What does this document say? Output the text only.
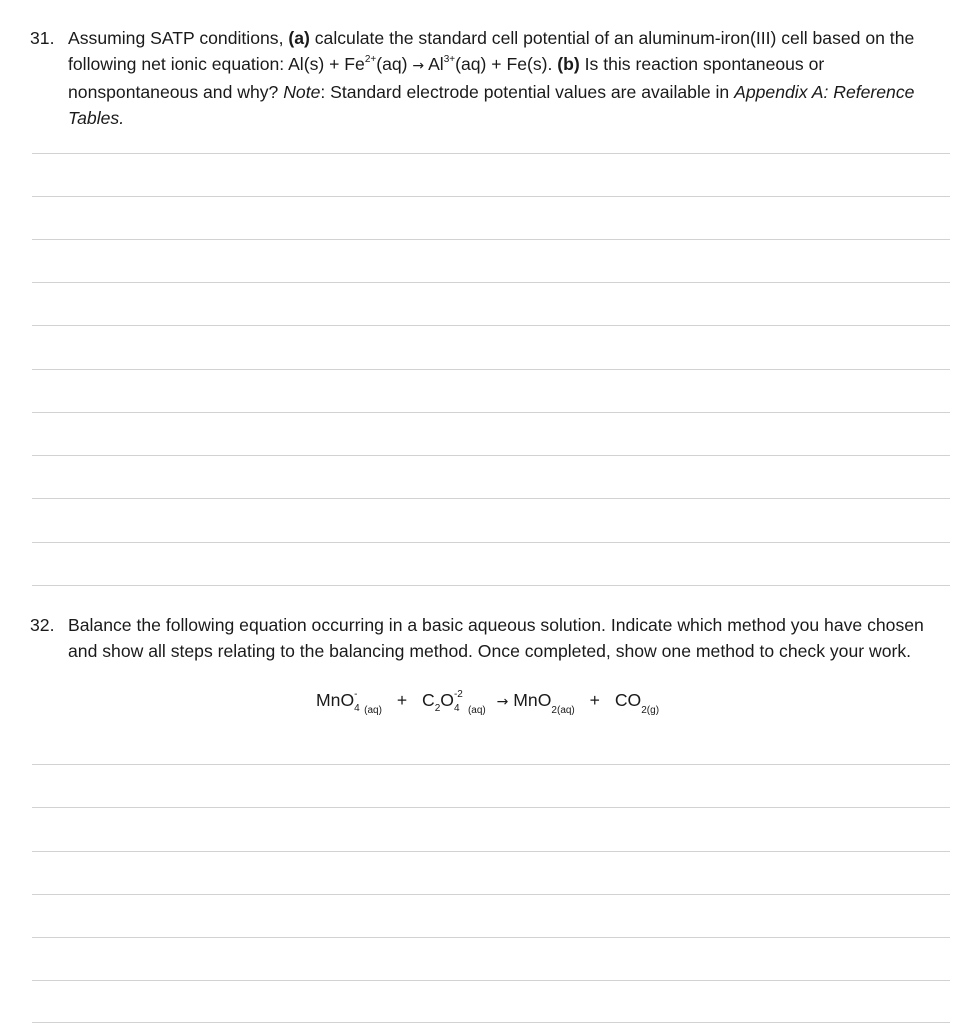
31. Assuming SATP conditions, (a) calculate the standard cell potential of an aluminum-iron(III) cell based on the following net ionic equation: $Al(s) + Fe^{2+}(aq) \to Al^{3+}(aq) + Fe(s)$. (b) Is this reaction spontaneous or nonspontaneous and why? Note: Standard electrode potential values are available in Appendix A: Reference Tables.
32. Balance the following equation occurring in a basic aqueous solution. Indicate which method you have chosen and show all steps relating to the balancing method. Once completed, show one method to check your work.
MnO -
4 $_{(aq)} + C_2O$ -2
4 $_{(aq)} \to MnO_{2(aq)} + CO_{2(g)}$
